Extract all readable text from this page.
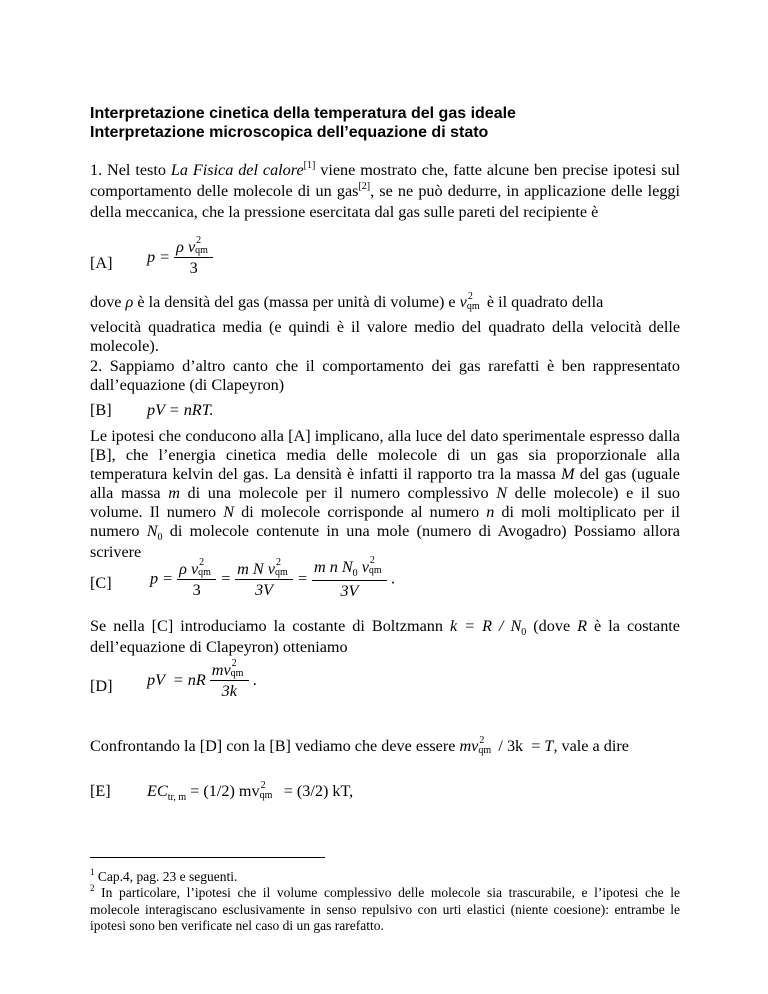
Interpretazione cinetica della temperatura del gas ideale
Interpretazione microscopica dell’equazione di stato
1. Nel testo La Fisica del calore[1] viene mostrato che, fatte alcune ben precise ipotesi sul comportamento delle molecole di un gas[2], se ne può dedurre, in applicazione delle leggi della meccanica, che la pressione esercitata dal gas sulle pareti del recipiente è
[A] p = ρ v 2
qm
3
dove ρ è la densità del gas (massa per unità di volume) e v 2
qm è il quadrato della
velocità quadratica media (e quindi è il valore medio del quadrato della velocità delle molecole).
2. Sappiamo d’altro canto che il comportamento dei gas rarefatti è ben rappresentato dall’equazione (di Clapeyron)
[B] pV = nRT.
Le ipotesi che conducono alla [A] implicano, alla luce del dato sperimentale espresso dalla [B], che l’energia cinetica media delle molecole di un gas sia proporzionale alla temperatura kelvin del gas. La densità è infatti il rapporto tra la massa M del gas (uguale alla massa m di una molecole per il numero complessivo N delle molecole) e il suo volume. Il numero N di molecole corrisponde al numero n di moli moltiplicato per il numero $N_0$ di molecole contenute in una mole (numero di Avogadro) Possiamo allora scrivere
[C] p = ρ v 2
qm
3 = m N v 2
qm
3V = m n $N_0$ v 2
qm
3V .
Se nella [C] introduciamo la costante di Boltzmann $k = R / N_0$ (dove R è la costante dell’equazione di Clapeyron) otteniamo
[D] pV  = nR mv 2
qm
3k .
Confrontando la [D] con la [B] vediamo che deve essere mv 2
qm / 3k  = T, vale a dire
[E] $EC_{tr, m} = (1/2)$ mv 2
qm = (3/2) kT,
$^1$ Cap.4, pag. 23 e seguenti.
$^2$ In particolare, l’ipotesi che il volume complessivo delle molecole sia trascurabile, e l’ipotesi che le molecole interagiscano esclusivamente in senso repulsivo con urti elastici (niente coesione): entrambe le ipotesi sono ben verificate nel caso di un gas rarefatto.
